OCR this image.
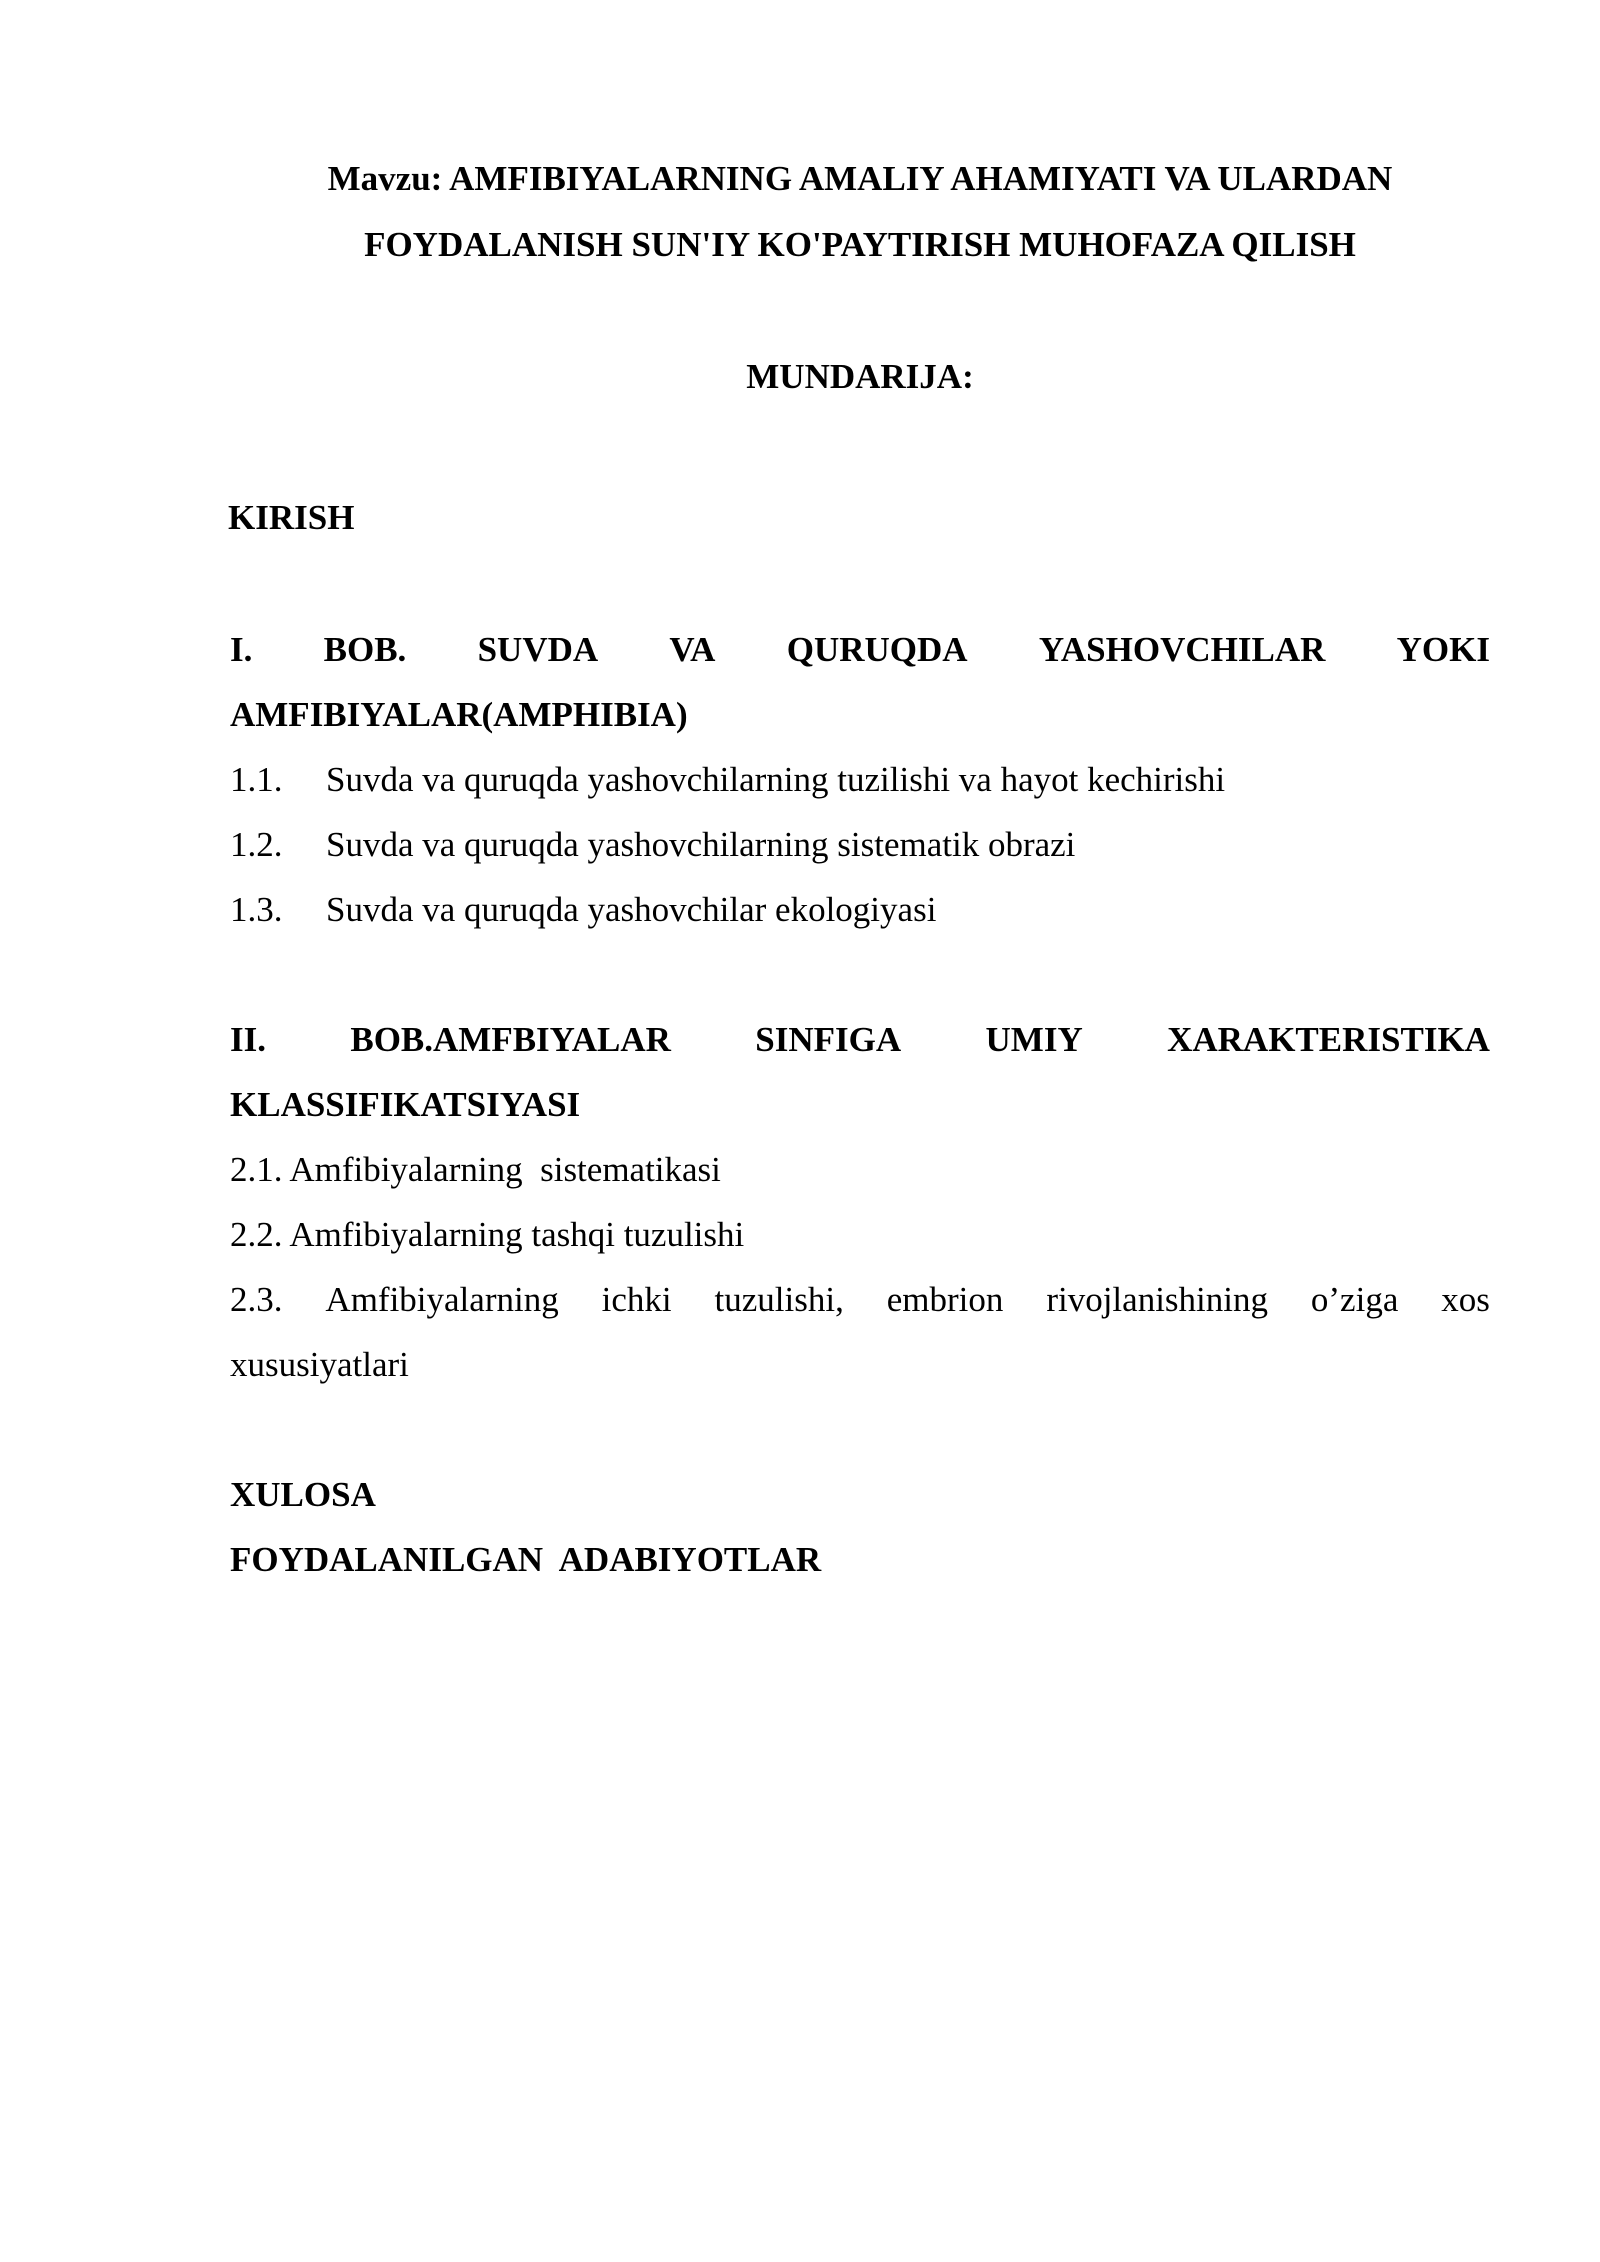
Mavzu: AMFIBIYALARNING AMALIY AHAMIYATI VA ULARDAN
FOYDALANISH SUN'IY KO'PAYTIRISH MUHOFAZA QILISH
MUNDARIJA:
KIRISH
I. BOB. SUVDA VA QURUQDA YASHOVCHILAR YOKI
AMFIBIYALAR(AMPHIBIA)
1.1. Suvda va quruqda yashovchilarning tuzilishi va hayot kechirishi
1.2. Suvda va quruqda yashovchilarning sistematik obrazi
1.3. Suvda va quruqda yashovchilar ekologiyasi
II. BOB.AMFBIYALAR SINFIGA UMIY XARAKTERISTIKA
KLASSIFIKATSIYASI
2.1. Amfibiyalarning  sistematikasi
2.2. Amfibiyalarning tashqi tuzulishi
2.3. Amfibiyalarning ichki tuzulishi, embrion rivojlanishining o’ziga xos
xususiyatlari
XULOSA
FOYDALANILGAN  ADABIYOTLAR
